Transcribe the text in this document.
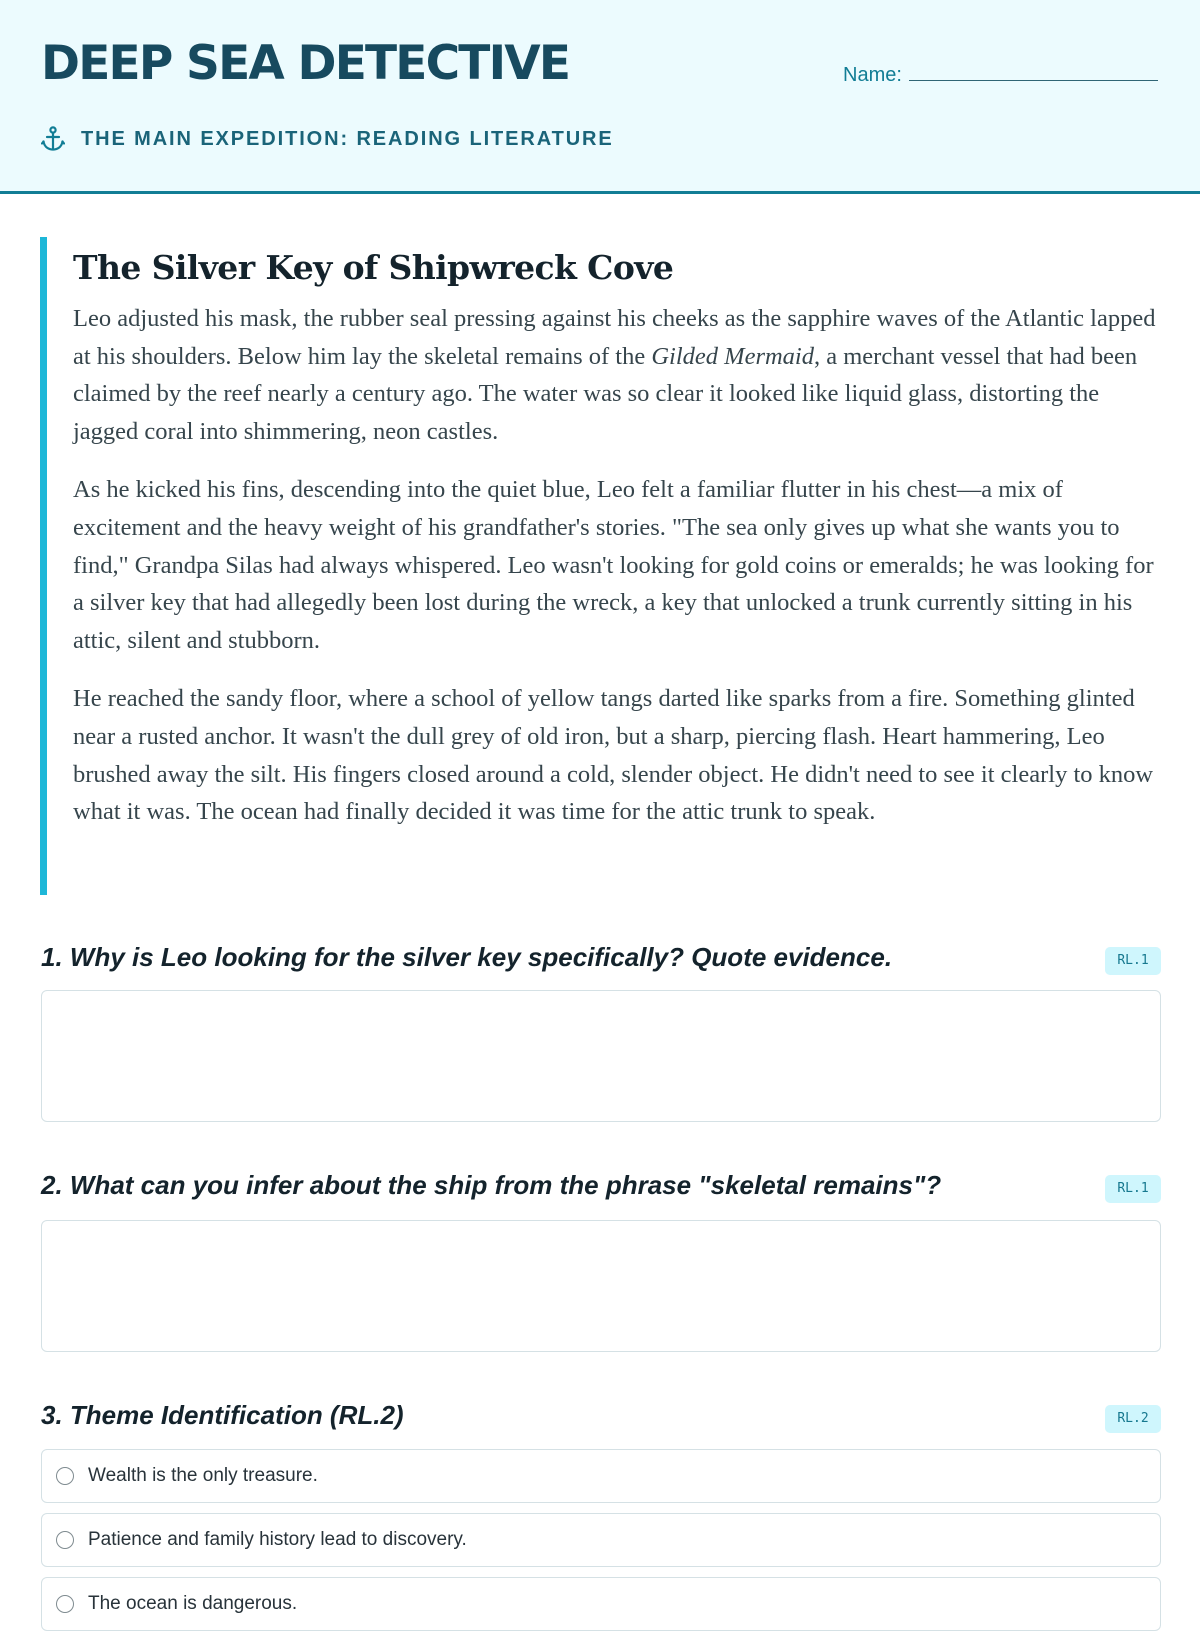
DEEP SEA DETECTIVE	Name:
THE MAIN EXPEDITION: READING LITERATURE
The Silver Key of Shipwreck Cove

Leo adjusted his mask, the rubber seal pressing against his cheeks as the sapphire waves of the Atlantic lapped at his shoulders. Below him lay the skeletal remains of the Gilded Mermaid, a merchant vessel that had been claimed by the reef nearly a century ago. The water was so clear it looked like liquid glass, distorting the jagged coral into shimmering, neon castles.

As he kicked his fins, descending into the quiet blue, Leo felt a familiar flutter in his chest—a mix of excitement and the heavy weight of his grandfather's stories. "The sea only gives up what she wants you to find," Grandpa Silas had always whispered. Leo wasn't looking for gold coins or emeralds; he was looking for a silver key that had allegedly been lost during the wreck, a key that unlocked a trunk currently sitting in his attic, silent and stubborn.

He reached the sandy floor, where a school of yellow tangs darted like sparks from a fire. Something glinted near a rusted anchor. It wasn't the dull grey of old iron, but a sharp, piercing flash. Heart hammering, Leo brushed away the silt. His fingers closed around a cold, slender object. He didn't need to see it clearly to know what it was. The ocean had finally decided it was time for the attic trunk to speak.

1. Why is Leo looking for the silver key specifically? Quote evidence.	RL.1
2. What can you infer about the ship from the phrase "skeletal remains"?	RL.1
3. Theme Identification (RL.2)	RL.2
Wealth is the only treasure.
Patience and family history lead to discovery.
The ocean is dangerous.
